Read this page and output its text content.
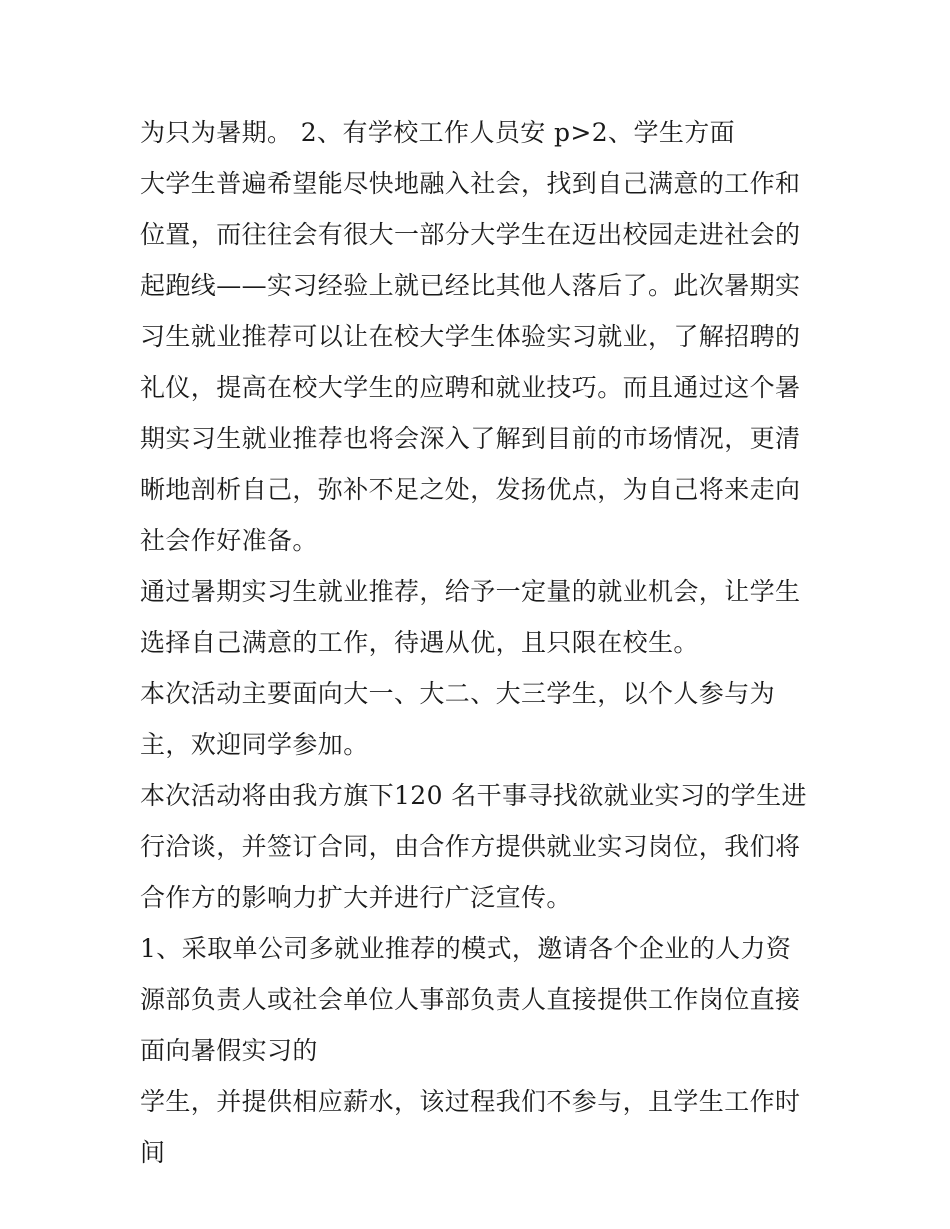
为只为暑期。 2、有学校工作人员安 p>2、学生方面

大学生普遍希望能尽快地融入社会，找到自己满意的工作和位置，而往往会有很大一部分大学生在迈出校园走进社会的起跑线——实习经验上就已经比其他人落后了。此次暑期实习生就业推荐可以让在校大学生体验实习就业，了解招聘的礼仪，提高在校大学生的应聘和就业技巧。而且通过这个暑期实习生就业推荐也将会深入了解到目前的市场情况，更清晰地剖析自己，弥补不足之处，发扬优点，为自己将来走向社会作好准备。

通过暑期实习生就业推荐，给予一定量的就业机会，让学生选择自己满意的工作，待遇从优，且只限在校生。

本次活动主要面向大一、大二、大三学生，以个人参与为主，欢迎同学参加。

本次活动将由我方旗下120 名干事寻找欲就业实习的学生进行洽谈，并签订合同，由合作方提供就业实习岗位，我们将合作方的影响力扩大并进行广泛宣传。

1、采取单公司多就业推荐的模式，邀请各个企业的人力资源部负责人或社会单位人事部负责人直接提供工作岗位直接面向暑假实习的

学生，并提供相应薪水，该过程我们不参与，且学生工作时间
